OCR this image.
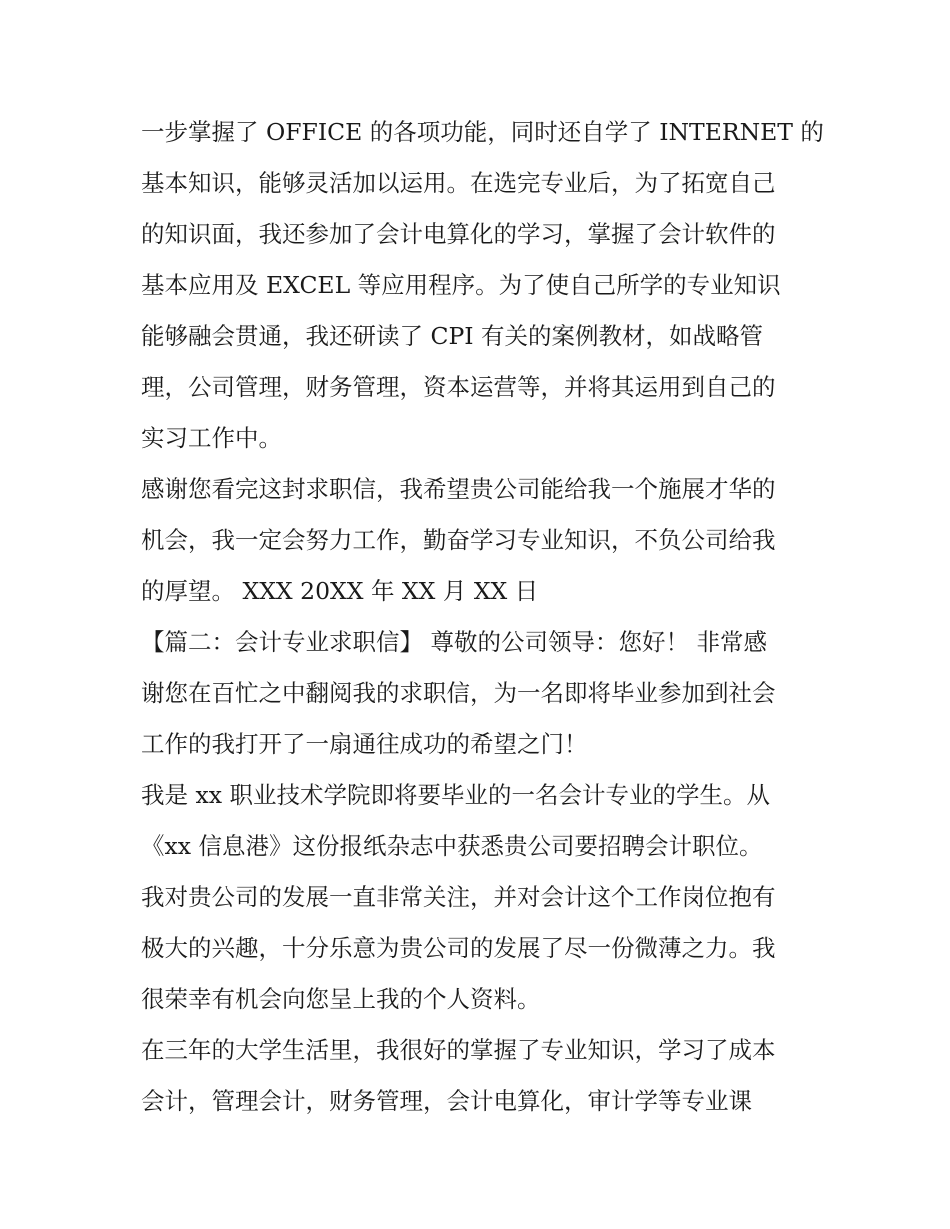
一步掌握了 OFFICE 的各项功能，同时还自学了 INTERNET 的
基本知识，能够灵活加以运用。在选完专业后，为了拓宽自己
的知识面，我还参加了会计电算化的学习，掌握了会计软件的
基本应用及 EXCEL 等应用程序。为了使自己所学的专业知识
能够融会贯通，我还研读了 CPI 有关的案例教材，如战略管
理，公司管理，财务管理，资本运营等，并将其运用到自己的
实习工作中。
感谢您看完这封求职信，我希望贵公司能给我一个施展才华的
机会，我一定会努力工作，勤奋学习专业知识，不负公司给我
的厚望。 XXX 20XX 年 XX 月 XX 日
【篇二：会计专业求职信】 尊敬的公司领导：您好！ 非常感
谢您在百忙之中翻阅我的求职信，为一名即将毕业参加到社会
工作的我打开了一扇通往成功的希望之门！
我是 xx 职业技术学院即将要毕业的一名会计专业的学生。从
《xx 信息港》这份报纸杂志中获悉贵公司要招聘会计职位。
我对贵公司的发展一直非常关注，并对会计这个工作岗位抱有
极大的兴趣，十分乐意为贵公司的发展了尽一份微薄之力。我
很荣幸有机会向您呈上我的个人资料。
在三年的大学生活里，我很好的掌握了专业知识，学习了成本
会计，管理会计，财务管理，会计电算化，审计学等专业课
